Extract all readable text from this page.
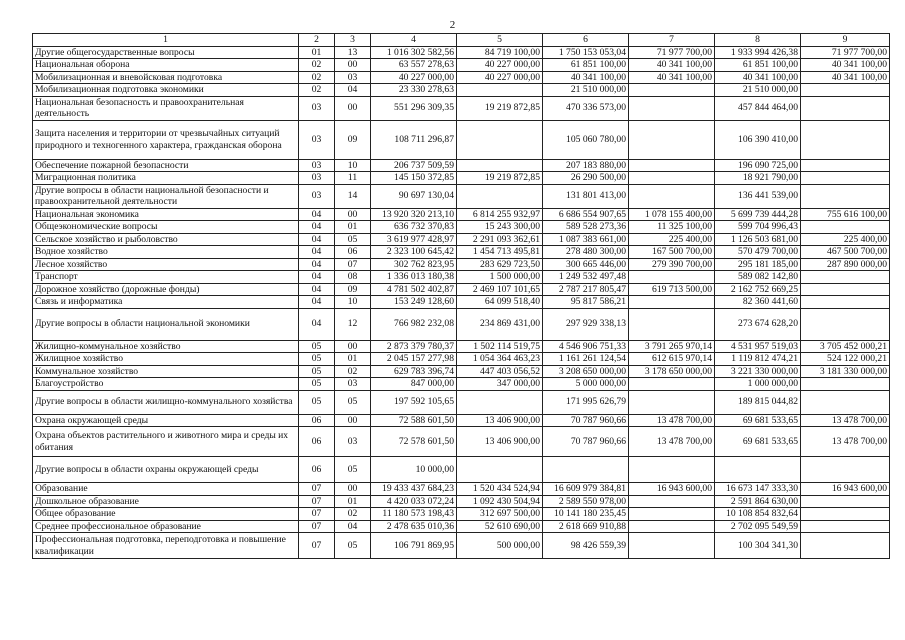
2
1	2	3	4	5	6	7	8	9
Другие общегосударственные вопросы	01	13	1 016 302 582,56	84 719 100,00	1 750 153 053,04	71 977 700,00	1 933 994 426,38	71 977 700,00
Национальная оборона	02	00	63 557 278,63	40 227 000,00	61 851 100,00	40 341 100,00	61 851 100,00	40 341 100,00
Мобилизационная и вневойсковая подготовка	02	03	40 227 000,00	40 227 000,00	40 341 100,00	40 341 100,00	40 341 100,00	40 341 100,00
Мобилизационная подготовка экономики	02	04	23 330 278,63		21 510 000,00		21 510 000,00	
Национальная безопасность и правоохранительная деятельность	03	00	551 296 309,35	19 219 872,85	470 336 573,00		457 844 464,00	
Защита населения и территории от чрезвычайных ситуаций природного и техногенного характера, гражданская оборона	03	09	108 711 296,87		105 060 780,00		106 390 410,00	
Обеспечение пожарной безопасности	03	10	206 737 509,59		207 183 880,00		196 090 725,00	
Миграционная политика	03	11	145 150 372,85	19 219 872,85	26 290 500,00		18 921 790,00	
Другие вопросы в области национальной безопасности и правоохранительной деятельности	03	14	90 697 130,04		131 801 413,00		136 441 539,00	
Национальная экономика	04	00	13 920 320 213,10	6 814 255 932,97	6 686 554 907,65	1 078 155 400,00	5 699 739 444,28	755 616 100,00
Общеэкономические вопросы	04	01	636 732 370,83	15 243 300,00	589 528 273,36	11 325 100,00	599 704 996,43	
Сельское хозяйство и рыболовство	04	05	3 619 977 428,97	2 291 093 362,61	1 087 383 661,00	225 400,00	1 126 503 681,00	225 400,00
Водное хозяйство	04	06	2 323 100 645,42	1 454 713 495,81	278 480 300,00	167 500 700,00	570 479 700,00	467 500 700,00
Лесное хозяйство	04	07	302 762 823,95	283 629 723,50	300 665 446,00	279 390 700,00	295 181 185,00	287 890 000,00
Транспорт	04	08	1 336 013 180,38	1 500 000,00	1 249 532 497,48		589 082 142,80	
Дорожное хозяйство (дорожные фонды)	04	09	4 781 502 402,87	2 469 107 101,65	2 787 217 805,47	619 713 500,00	2 162 752 669,25	
Связь и информатика	04	10	153 249 128,60	64 099 518,40	95 817 586,21		82 360 441,60	
Другие вопросы в области национальной экономики	04	12	766 982 232,08	234 869 431,00	297 929 338,13		273 674 628,20	
Жилищно-коммунальное хозяйство	05	00	2 873 379 780,37	1 502 114 519,75	4 546 906 751,33	3 791 265 970,14	4 531 957 519,03	3 705 452 000,21
Жилищное хозяйство	05	01	2 045 157 277,98	1 054 364 463,23	1 161 261 124,54	612 615 970,14	1 119 812 474,21	524 122 000,21
Коммунальное хозяйство	05	02	629 783 396,74	447 403 056,52	3 208 650 000,00	3 178 650 000,00	3 221 330 000,00	3 181 330 000,00
Благоустройство	05	03	847 000,00	347 000,00	5 000 000,00		1 000 000,00	
Другие вопросы в области жилищно-коммунального хозяйства	05	05	197 592 105,65		171 995 626,79		189 815 044,82	
Охрана окружающей среды	06	00	72 588 601,50	13 406 900,00	70 787 960,66	13 478 700,00	69 681 533,65	13 478 700,00
Охрана объектов растительного и животного мира и среды их обитания	06	03	72 578 601,50	13 406 900,00	70 787 960,66	13 478 700,00	69 681 533,65	13 478 700,00
Другие вопросы в области охраны окружающей среды	06	05	10 000,00					
Образование	07	00	19 433 437 684,23	1 520 434 524,94	16 609 979 384,81	16 943 600,00	16 673 147 333,30	16 943 600,00
Дошкольное образование	07	01	4 420 033 072,24	1 092 430 504,94	2 589 550 978,00		2 591 864 630,00	
Общее образование	07	02	11 180 573 198,43	312 697 500,00	10 141 180 235,45		10 108 854 832,64	
Среднее профессиональное образование	07	04	2 478 635 010,36	52 610 690,00	2 618 669 910,88		2 702 095 549,59	
Профессиональная подготовка, переподготовка и повышение квалификации	07	05	106 791 869,95	500 000,00	98 426 559,39		100 304 341,30	
